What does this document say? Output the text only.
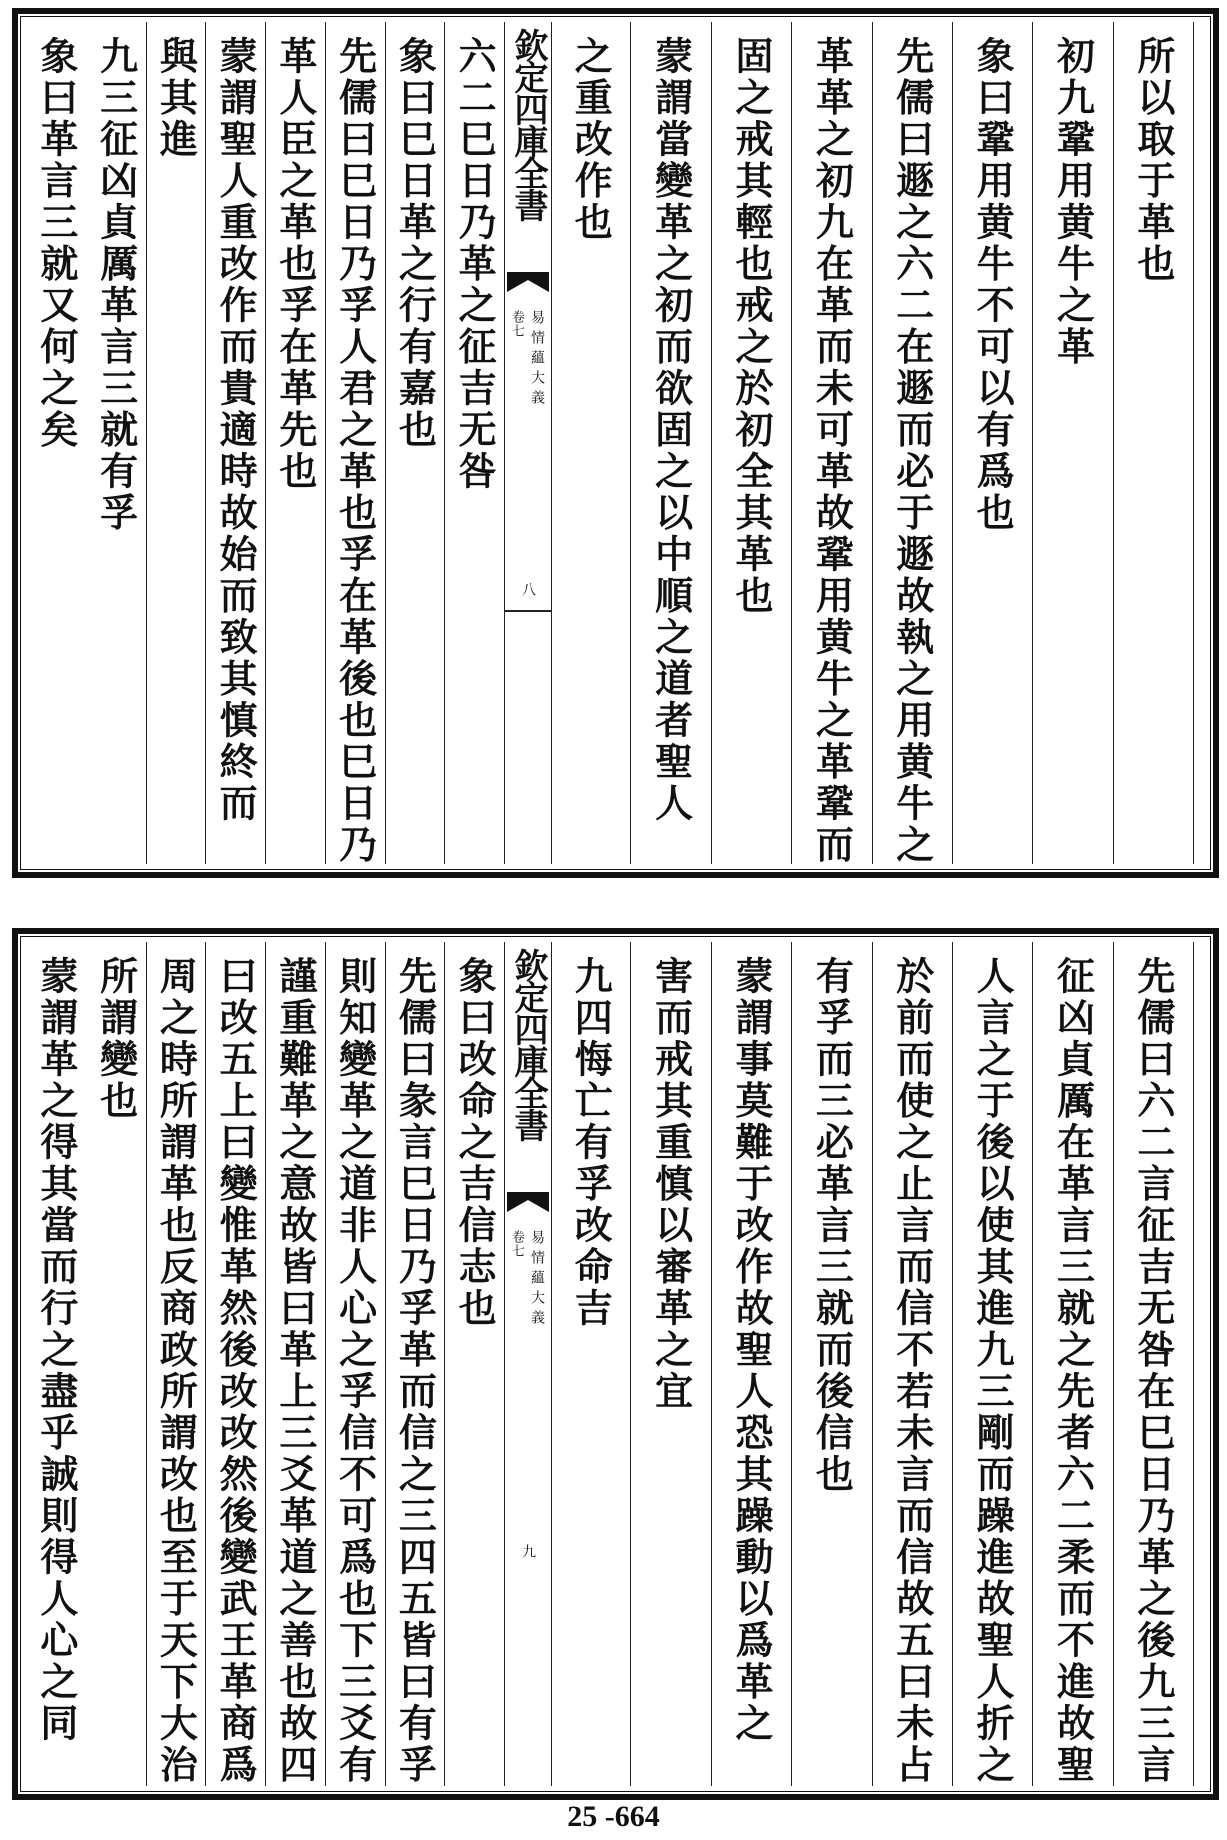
欽定四庫全書
卷七 易情蘊大義
八
所以取于革也
初九鞏用黄牛之革
象曰鞏用黄牛不可以有爲也
先儒曰遯之六二在遯而必于遯故執之用黄牛之
革革之初九在革而未可革故鞏用黄牛之革鞏而
固之戒其輕也戒之於初全其革也
蒙謂當變革之初而欲固之以中順之道者聖人
之重改作也
六二巳日乃革之征吉无咎
象曰巳日革之行有嘉也
先儒曰巳日乃孚人君之革也孚在革後也巳日乃
革人臣之革也孚在革先也
蒙謂聖人重改作而貴適時故始而致其慎終而
與其進
九三征凶貞厲革言三就有孚
象曰革言三就又何之矣
欽定四庫全書
卷七 易情蘊大義
九	先儒曰六二言征吉无咎在巳日乃革之後九三言
征凶貞厲在革言三就之先者六二柔而不進故聖
人言之于後以使其進九三剛而躁進故聖人折之
於前而使之止言而信不若未言而信故五曰未占
有孚而三必革言三就而後信也
蒙謂事莫難于改作故聖人恐其躁動以爲革之
害而戒其重慎以審革之宜
九四悔亡有孚改命吉
象曰改命之吉信志也
先儒曰彖言巳日乃孚革而信之三四五皆曰有孚
則知變革之道非人心之孚信不可爲也下三爻有
謹重難革之意故皆曰革上三爻革道之善也故四
曰改五上曰變惟革然後改改然後變武王革商爲
周之時所謂革也反商政所謂改也至于天下大治
所謂變也
蒙謂革之得其當而行之盡乎誠則得人心之同
25 -664
